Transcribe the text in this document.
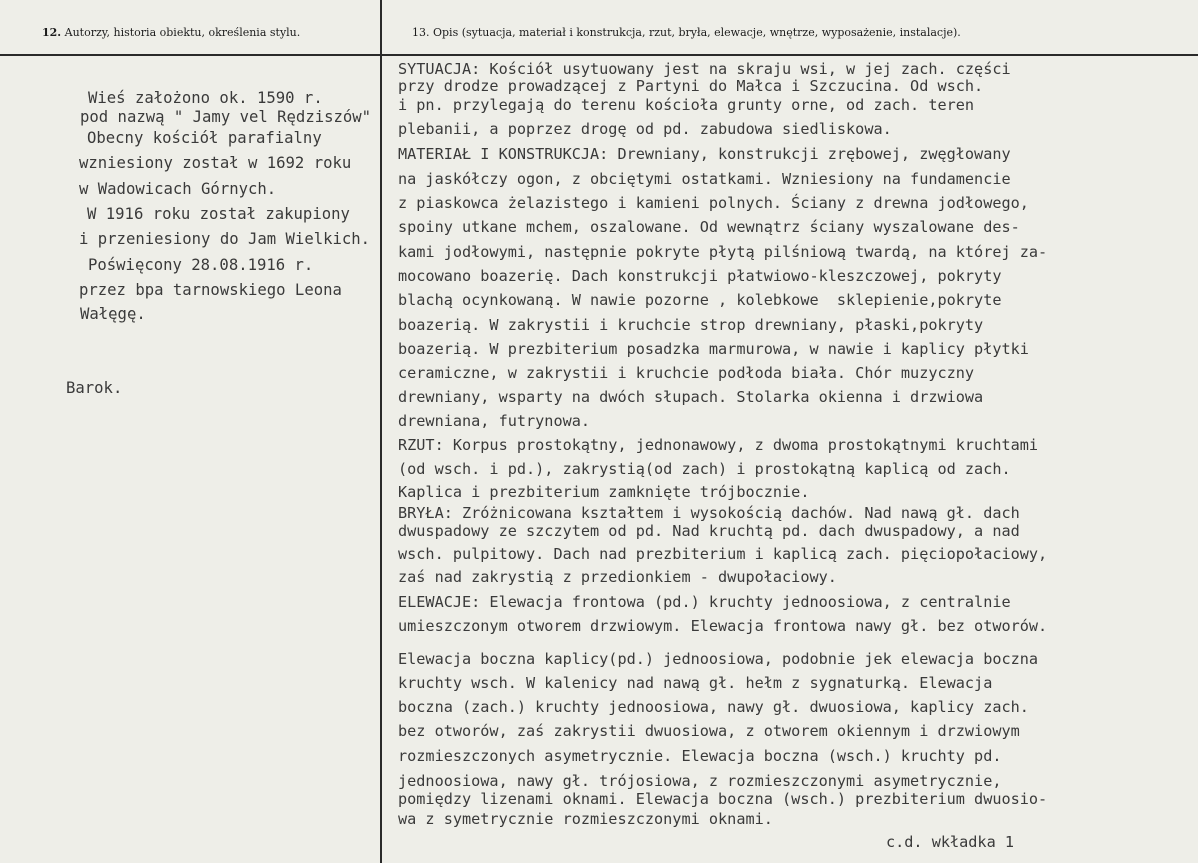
12. Autorzy, historia obiektu, określenia stylu.	13. Opis (sytuacja, materiał i konstrukcja, rzut, bryła, elewacje, wnętrze, wyposażenie, instalacje).
Wieś założono ok. 1590 r.
pod nazwą " Jamy vel Rędziszów"
Obecny kościół parafialny
wzniesiony został w 1692 roku
w Wadowicach Górnych.
W 1916 roku został zakupiony
i przeniesiony do Jam Wielkich.
Poświęcony 28.08.1916 r.
przez bpa tarnowskiego Leona
Wałęgę.
Barok.
SYTUACJA: Kościół usytuowany jest na skraju wsi, w jej zach. części
przy drodze prowadzącej z Partyni do Małca i Szczucina. Od wsch.
i pn. przylegają do terenu kościoła grunty orne, od zach. teren
plebanii, a poprzez drogę od pd. zabudowa siedliskowa.
MATERIAŁ I KONSTRUKCJA: Drewniany, konstrukcji zrębowej, zwęgłowany
na jaskółczy ogon, z obciętymi ostatkami. Wzniesiony na fundamencie
z piaskowca żelazistego i kamieni polnych. Ściany z drewna jodłowego,
spoiny utkane mchem, oszalowane. Od wewnątrz ściany wyszalowane des-
kami jodłowymi, następnie pokryte płytą pilśniową twardą, na której za-
mocowano boazerię. Dach konstrukcji płatwiowo-kleszczowej, pokryty
blachą ocynkowaną. W nawie pozorne , kolebkowe  sklepienie,pokryte
boazerią. W zakrystii i kruchcie strop drewniany, płaski,pokryty
boazerią. W prezbiterium posadzka marmurowa, w nawie i kaplicy płytki
ceramiczne, w zakrystii i kruchcie podłoda biała. Chór muzyczny
drewniany, wsparty na dwóch słupach. Stolarka okienna i drzwiowa
drewniana, futrynowa.
RZUT: Korpus prostokątny, jednonawowy, z dwoma prostokątnymi kruchtami
(od wsch. i pd.), zakrystią(od zach) i prostokątną kaplicą od zach.
Kaplica i prezbiterium zamknięte trójbocznie.
BRYŁA: Zróżnicowana kształtem i wysokością dachów. Nad nawą gł. dach
dwuspadowy ze szczytem od pd. Nad kruchtą pd. dach dwuspadowy, a nad
wsch. pulpitowy. Dach nad prezbiterium i kaplicą zach. pięciopołaciowy,
zaś nad zakrystią z przedionkiem - dwupołaciowy.
ELEWACJE: Elewacja frontowa (pd.) kruchty jednoosiowa, z centralnie
umieszczonym otworem drzwiowym. Elewacja frontowa nawy gł. bez otworów.
Elewacja boczna kaplicy(pd.) jednoosiowa, podobnie jek elewacja boczna
kruchty wsch. W kalenicy nad nawą gł. hełm z sygnaturką. Elewacja
boczna (zach.) kruchty jednoosiowa, nawy gł. dwuosiowa, kaplicy zach.
bez otworów, zaś zakrystii dwuosiowa, z otworem okiennym i drzwiowym
rozmieszczonych asymetrycznie. Elewacja boczna (wsch.) kruchty pd.
jednoosiowa, nawy gł. trójosiowa, z rozmieszczonymi asymetrycznie,
pomiędzy lizenami oknami. Elewacja boczna (wsch.) prezbiterium dwuosio-
wa z symetrycznie rozmieszczonymi oknami.
c.d. wkładka 1
